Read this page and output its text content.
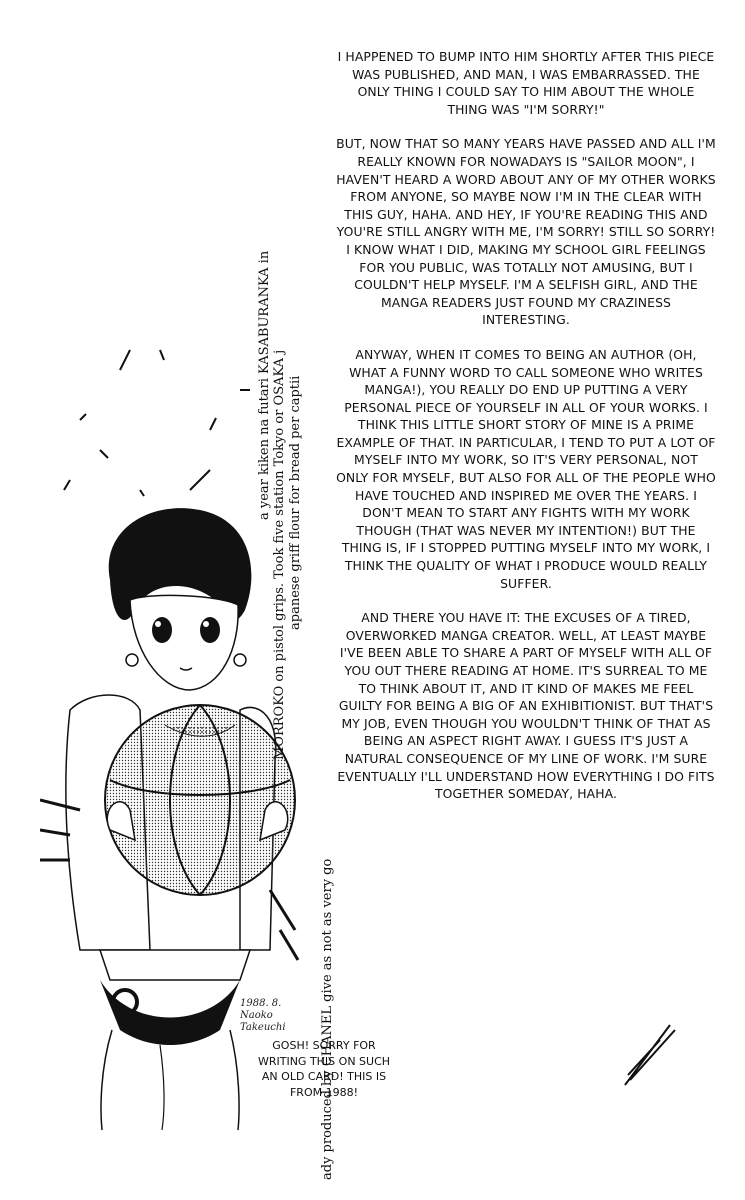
a year kiken na futari KASABURANKA in MORROKO on pistol grips. Took five station Tokyo or OSAKA j apanese griff flour for bread per captii
ady produced by CHANEL give as not as very go

I HAPPENED TO BUMP INTO HIM SHORTLY AFTER THIS PIECE WAS PUBLISHED, AND MAN, I WAS EMBARRASSED. THE ONLY THING I COULD SAY TO HIM ABOUT THE WHOLE THING WAS "I'M SORRY!"

BUT, NOW THAT SO MANY YEARS HAVE PASSED AND ALL I'M REALLY KNOWN FOR NOWADAYS IS "SAILOR MOON", I HAVEN'T HEARD A WORD ABOUT ANY OF MY OTHER WORKS FROM ANYONE, SO MAYBE NOW I'M IN THE CLEAR WITH THIS GUY, HAHA. AND HEY, IF YOU'RE READING THIS AND YOU'RE STILL ANGRY WITH ME, I'M SORRY! STILL SO SORRY! I KNOW WHAT I DID, MAKING MY SCHOOL GIRL FEELINGS FOR YOU PUBLIC, WAS TOTALLY NOT AMUSING, BUT I COULDN'T HELP MYSELF. I'M A SELFISH GIRL, AND THE MANGA READERS JUST FOUND MY CRAZINESS INTERESTING.

ANYWAY, WHEN IT COMES TO BEING AN AUTHOR (OH, WHAT A FUNNY WORD TO CALL SOMEONE WHO WRITES MANGA!), YOU REALLY DO END UP PUTTING A VERY PERSONAL PIECE OF YOURSELF IN ALL OF YOUR WORKS. I THINK THIS LITTLE SHORT STORY OF MINE IS A PRIME EXAMPLE OF THAT. IN PARTICULAR, I TEND TO PUT A LOT OF MYSELF INTO MY WORK, SO IT'S VERY PERSONAL, NOT ONLY FOR MYSELF, BUT ALSO FOR ALL OF THE PEOPLE WHO HAVE TOUCHED AND INSPIRED ME OVER THE YEARS. I DON'T MEAN TO START ANY FIGHTS WITH MY WORK THOUGH (THAT WAS NEVER MY INTENTION!) BUT THE THING IS, IF I STOPPED PUTTING MYSELF INTO MY WORK, I THINK THE QUALITY OF WHAT I PRODUCE WOULD REALLY SUFFER.

AND THERE YOU HAVE IT: THE EXCUSES OF A TIRED, OVERWORKED MANGA CREATOR. WELL, AT LEAST MAYBE I'VE BEEN ABLE TO SHARE A PART OF MYSELF WITH ALL OF YOU OUT THERE READING AT HOME. IT'S SURREAL TO ME TO THINK ABOUT IT, AND IT KIND OF MAKES ME FEEL GUILTY FOR BEING A BIG OF AN EXHIBITIONIST. BUT THAT'S MY JOB, EVEN THOUGH YOU WOULDN'T THINK OF THAT AS BEING AN ASPECT RIGHT AWAY. I GUESS IT'S JUST A NATURAL CONSEQUENCE OF MY LINE OF WORK. I'M SURE EVENTUALLY I'LL UNDERSTAND HOW EVERYTHING I DO FITS TOGETHER SOMEDAY, HAHA.

1988. 8.
Naoko
Takeuchi
GOSH! SORRY FOR WRITING THIS ON SUCH AN OLD CARD! THIS IS FROM 1988!
